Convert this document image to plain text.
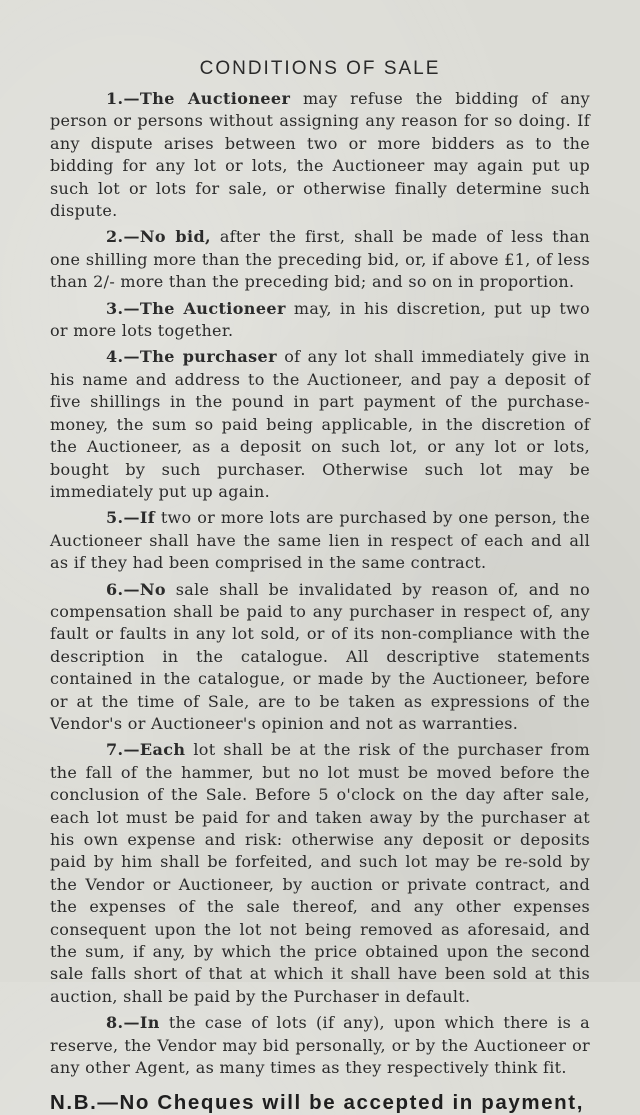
CONDITIONS OF SALE

1.—The Auctioneer may refuse the bidding of any person or persons without assigning any reason for so doing. If any dispute arises between two or more bidders as to the bidding for any lot or lots, the Auctioneer may again put up such lot or lots for sale, or otherwise finally determine such dispute.

2.—No bid, after the first, shall be made of less than one shilling more than the preceding bid, or, if above £1, of less than 2/- more than the preceding bid; and so on in proportion.

3.—The Auctioneer may, in his discretion, put up two or more lots together.

4.—The purchaser of any lot shall immediately give in his name and address to the Auctioneer, and pay a deposit of five shillings in the pound in part payment of the purchase-money, the sum so paid being applicable, in the discretion of the Auctioneer, as a deposit on such lot, or any lot or lots, bought by such purchaser. Otherwise such lot may be immediately put up again.

5.—If two or more lots are purchased by one person, the Auctioneer shall have the same lien in respect of each and all as if they had been comprised in the same contract.

6.—No sale shall be invalidated by reason of, and no compensation shall be paid to any purchaser in respect of, any fault or faults in any lot sold, or of its non-compliance with the description in the catalogue. All descriptive statements contained in the catalogue, or made by the Auctioneer, before or at the time of Sale, are to be taken as expressions of the Vendor's or Auctioneer's opinion and not as warranties.

7.—Each lot shall be at the risk of the purchaser from the fall of the hammer, but no lot must be moved before the conclusion of the Sale. Before 5 o'clock on the day after sale, each lot must be paid for and taken away by the purchaser at his own expense and risk: otherwise any deposit or deposits paid by him shall be forfeited, and such lot may be re-sold by the Vendor or Auctioneer, by auction or private contract, and the expenses of the sale thereof, and any other expenses consequent upon the lot not being removed as aforesaid, and the sum, if any, by which the price obtained upon the second sale falls short of that at which it shall have been sold at this auction, shall be paid by the Purchaser in default.

8.—In the case of lots (if any), upon which there is a reserve, the Vendor may bid personally, or by the Auctioneer or any other Agent, as many times as they respectively think fit.

N.B.—No Cheques will be accepted in payment,
